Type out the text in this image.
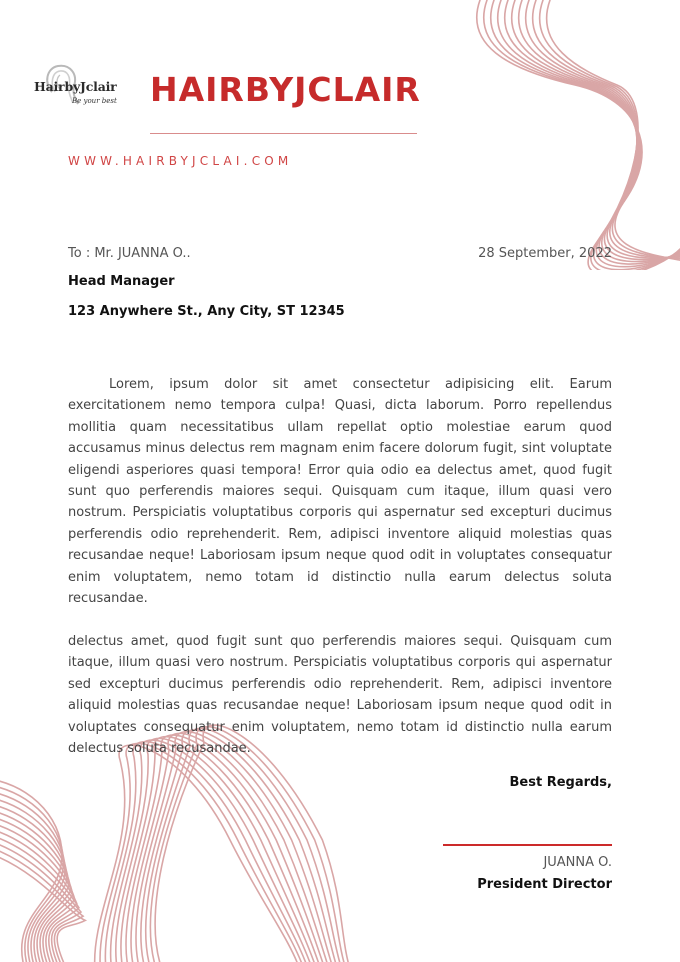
HairbyJclair
Be your best HAIRBYJCLAIR
WWW.HAIRBYJCLAI.COM
To : Mr. JUANNA O..	28 September, 2022
Head Manager
123 Anywhere St., Any City, ST 12345

Lorem, ipsum dolor sit amet consectetur adipisicing elit. Earum exercitationem nemo tempora culpa! Quasi, dicta laborum. Porro repellendus mollitia quam necessitatibus ullam repellat optio molestiae earum quod accusamus minus delectus rem magnam enim facere dolorum fugit, sint voluptate eligendi asperiores quasi tempora! Error quia odio ea delectus amet, quod fugit sunt quo perferendis maiores sequi. Quisquam cum itaque, illum quasi vero nostrum. Perspiciatis voluptatibus corporis qui aspernatur sed excepturi ducimus perferendis odio reprehenderit. Rem, adipisci inventore aliquid molestias quas recusandae neque! Laboriosam ipsum neque quod odit in voluptates consequatur enim voluptatem, nemo totam id distinctio nulla earum delectus soluta recusandae.

delectus amet, quod fugit sunt quo perferendis maiores sequi. Quisquam cum itaque, illum quasi vero nostrum. Perspiciatis voluptatibus corporis qui aspernatur sed excepturi ducimus perferendis odio reprehenderit. Rem, adipisci inventore aliquid molestias quas recusandae neque! Laboriosam ipsum neque quod odit in voluptates consequatur enim voluptatem, nemo totam id distinctio nulla earum delectus soluta recusandae.

Best Regards,
JUANNA O.
President Director
